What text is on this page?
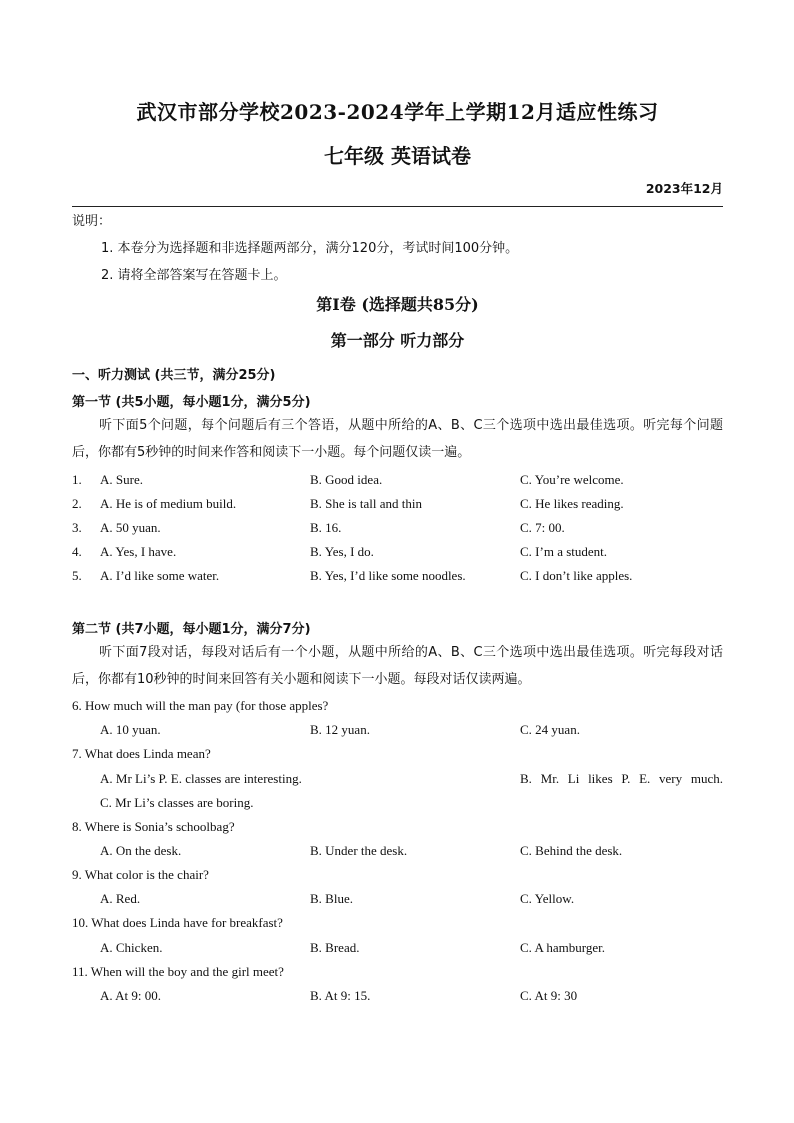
武汉市部分学校2023-2024学年上学期12月适应性练习
七年级 英语试卷
2023年12月
说明：
1. 本卷分为选择题和非选择题两部分，满分120分，考试时间100分钟。
2. 请将全部答案写在答题卡上。
第I卷 (选择题共85分)
第一部分 听力部分
一、听力测试 (共三节，满分25分)
第一节 (共5小题，每小题1分，满分5分)
听下面5个问题，每个问题后有三个答语，从题中所给的A、B、C三个选项中选出最佳选项。听完每个问题后，你都有5秒钟的时间来作答和阅读下一小题。每个问题仅读一遍。
1. A. Sure.	B. Good idea.	C. You’re welcome.
2. A. He is of medium build.	B. She is tall and thin	C. He likes reading.
3. A. 50 yuan.	B. 16.	C. 7: 00.
4. A. Yes, I have.	B. Yes, I do.	C. I’m a student.
5. A. I’d like some water.	B. Yes, I’d like some noodles.	C. I don’t like apples.
第二节 (共7小题，每小题1分，满分7分)
听下面7段对话，每段对话后有一个小题，从题中所给的A、B、C三个选项中选出最佳选项。听完每段对话后，你都有10秒钟的时间来回答有关小题和阅读下一小题。每段对话仅读两遍。
6. How much will the man pay (for those apples?
A. 10 yuan.	B. 12 yuan.	C. 24 yuan.
7. What does Linda mean?
A. Mr Li’s P. E. classes are interesting.	B. Mr. Li likes P. E. very much.
C. Mr Li’s classes are boring.
8. Where is Sonia’s schoolbag?
A. On the desk.	B. Under the desk.	C. Behind the desk.
9. What color is the chair?
A. Red.	B. Blue.	C. Yellow.
10. What does Linda have for breakfast?
A. Chicken.	B. Bread.	C. A hamburger.
11. When will the boy and the girl meet?
A. At 9: 00.	B. At 9: 15.	C. At 9: 30
